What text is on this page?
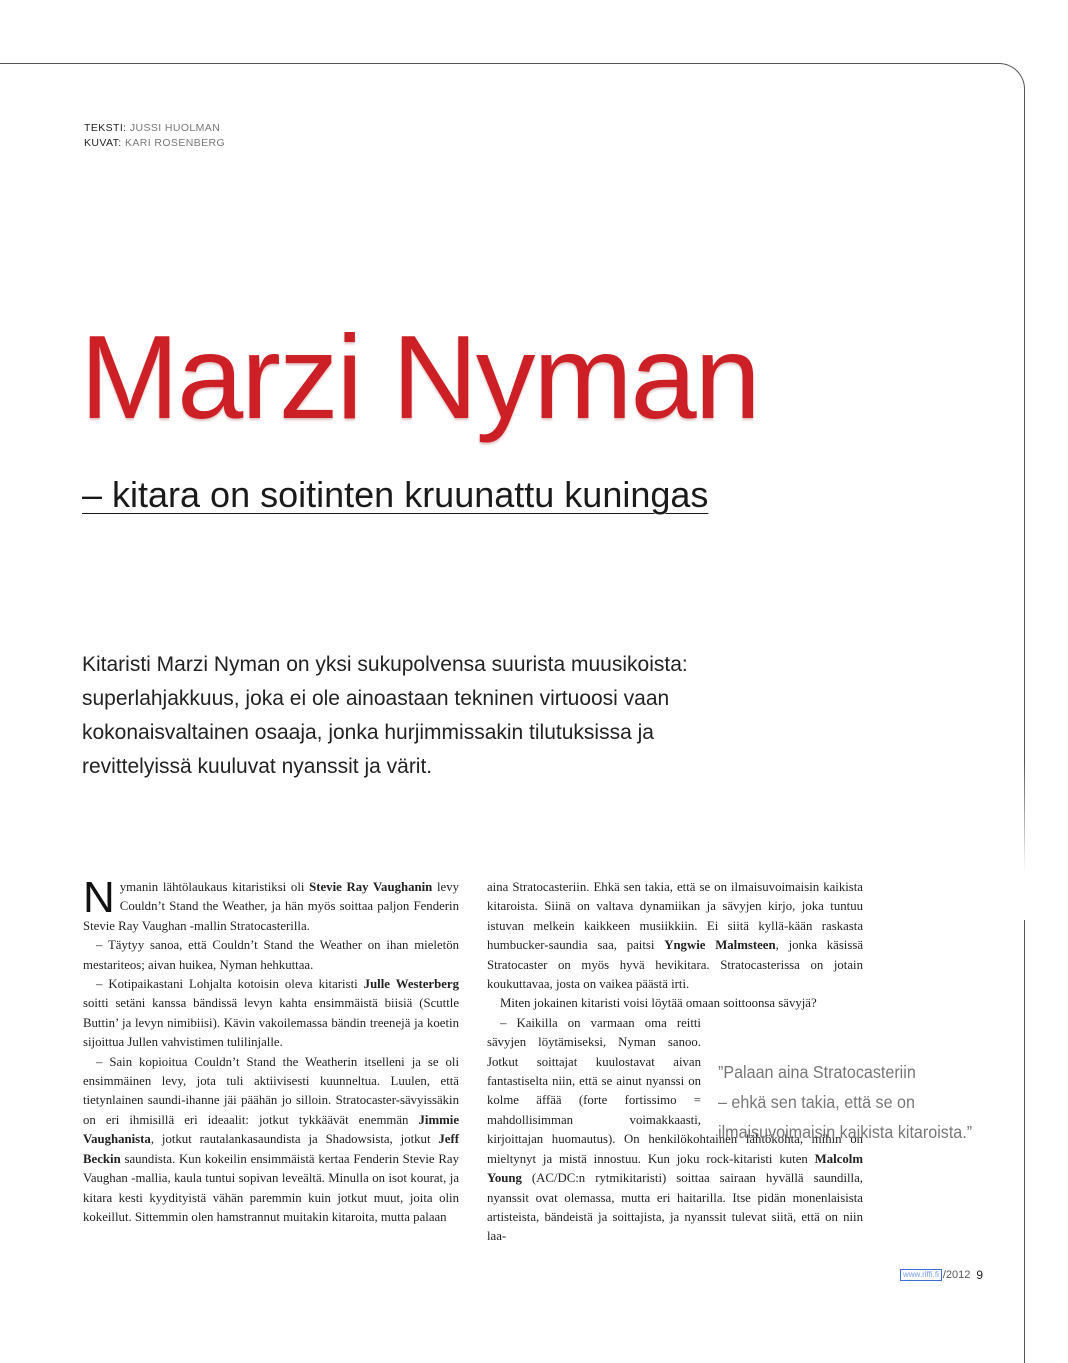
TEKSTI: JUSSI HUOLMAN
KUVAT: KARI ROSENBERG
Marzi Nyman
– kitara on soitinten kruunattu kuningas

Kitaristi Marzi Nyman on yksi sukupolvensa suurista muusikoista: superlahjakkuus, joka ei ole ainoastaan tekninen virtuoosi vaan kokonaisvaltainen osaaja, jonka hurjimmissakin tilutuksissa ja revittelyissä kuuluvat nyanssit ja värit.

Nymanin lähtölaukaus kitaristiksi oli Stevie Ray Vaughanin levy Couldn’t Stand the Weather, ja hän myös soittaa paljon Fenderin Stevie Ray Vaughan -mallin Stratocasterilla.

– Täytyy sanoa, että Couldn’t Stand the Weather on ihan mieletön mestariteos; aivan huikea, Nyman hehkuttaa.

– Kotipaikastani Lohjalta kotoisin oleva kitaristi Julle Westerberg soitti setäni kanssa bändissä levyn kahta ensimmäistä biisiä (Scuttle Buttin’ ja levyn nimibiisi). Kävin vakoilemassa bändin treenejä ja koetin sijoittua Jullen vahvistimen tulilinjalle.

– Sain kopioitua Couldn’t Stand the Weatherin itselleni ja se oli ensimmäinen levy, jota tuli aktiivisesti kuunneltua. Luulen, että tietynlainen saundi-ihanne jäi päähän jo silloin. Stratocaster-sävyissäkin on eri ihmisillä eri ideaalit: jotkut tykkäävät enemmän Jimmie Vaughanista, jotkut rautalankasaundista ja Shadowsista, jotkut Jeff Beckin saundista. Kun kokeilin ensimmäistä kertaa Fenderin Stevie Ray Vaughan -mallia, kaula tuntui sopivan leveältä. Minulla on isot kourat, ja kitara kesti kyydityistä vähän paremmin kuin jotkut muut, joita olin kokeillut. Sittemmin olen hamstrannut muitakin kitaroita, mutta palaan

aina Stratocasteriin. Ehkä sen takia, että se on ilmaisuvoimaisin kaikista kitaroista. Siinä on valtava dynamiikan ja sävyjen kirjo, joka tuntuu istuvan melkein kaikkeen musiikkiin. Ei siitä kyllä-kään raskasta humbucker-saundia saa, paitsi Yngwie Malmsteen, jonka käsissä Stratocaster on myös hyvä hevikitara. Stratocasterissa on jotain koukuttavaa, josta on vaikea päästä irti.

Miten jokainen kitaristi voisi löytää omaan soittoonsa sävyjä?

– Kaikilla on varmaan oma reitti sävyjen löytämiseksi, Nyman sanoo. Jotkut soittajat kuulostavat aivan fantastiselta niin, että se ainut nyanssi on kolme äffää (forte fortissimo = mahdollisimman voimakkaasti, kirjoittajan huomautus). On henkilökohtainen lähtökohta, mihin on mieltynyt ja mistä innostuu. Kun joku rock-kitaristi kuten Malcolm Young (AC/DC:n rytmikitaristi) soittaa sairaan hyvällä saundilla, nyanssit ovat olemassa, mutta eri haitarilla. Itse pidän monenlaisista artisteista, bändeistä ja soittajista, ja nyanssit tulevat siitä, että on niin laa-

”Palaan aina Stratocasteriin
– ehkä sen takia, että se on
ilmaisuvoimaisin kaikista kitaroista.”
www.riffi.fi /2012 9
